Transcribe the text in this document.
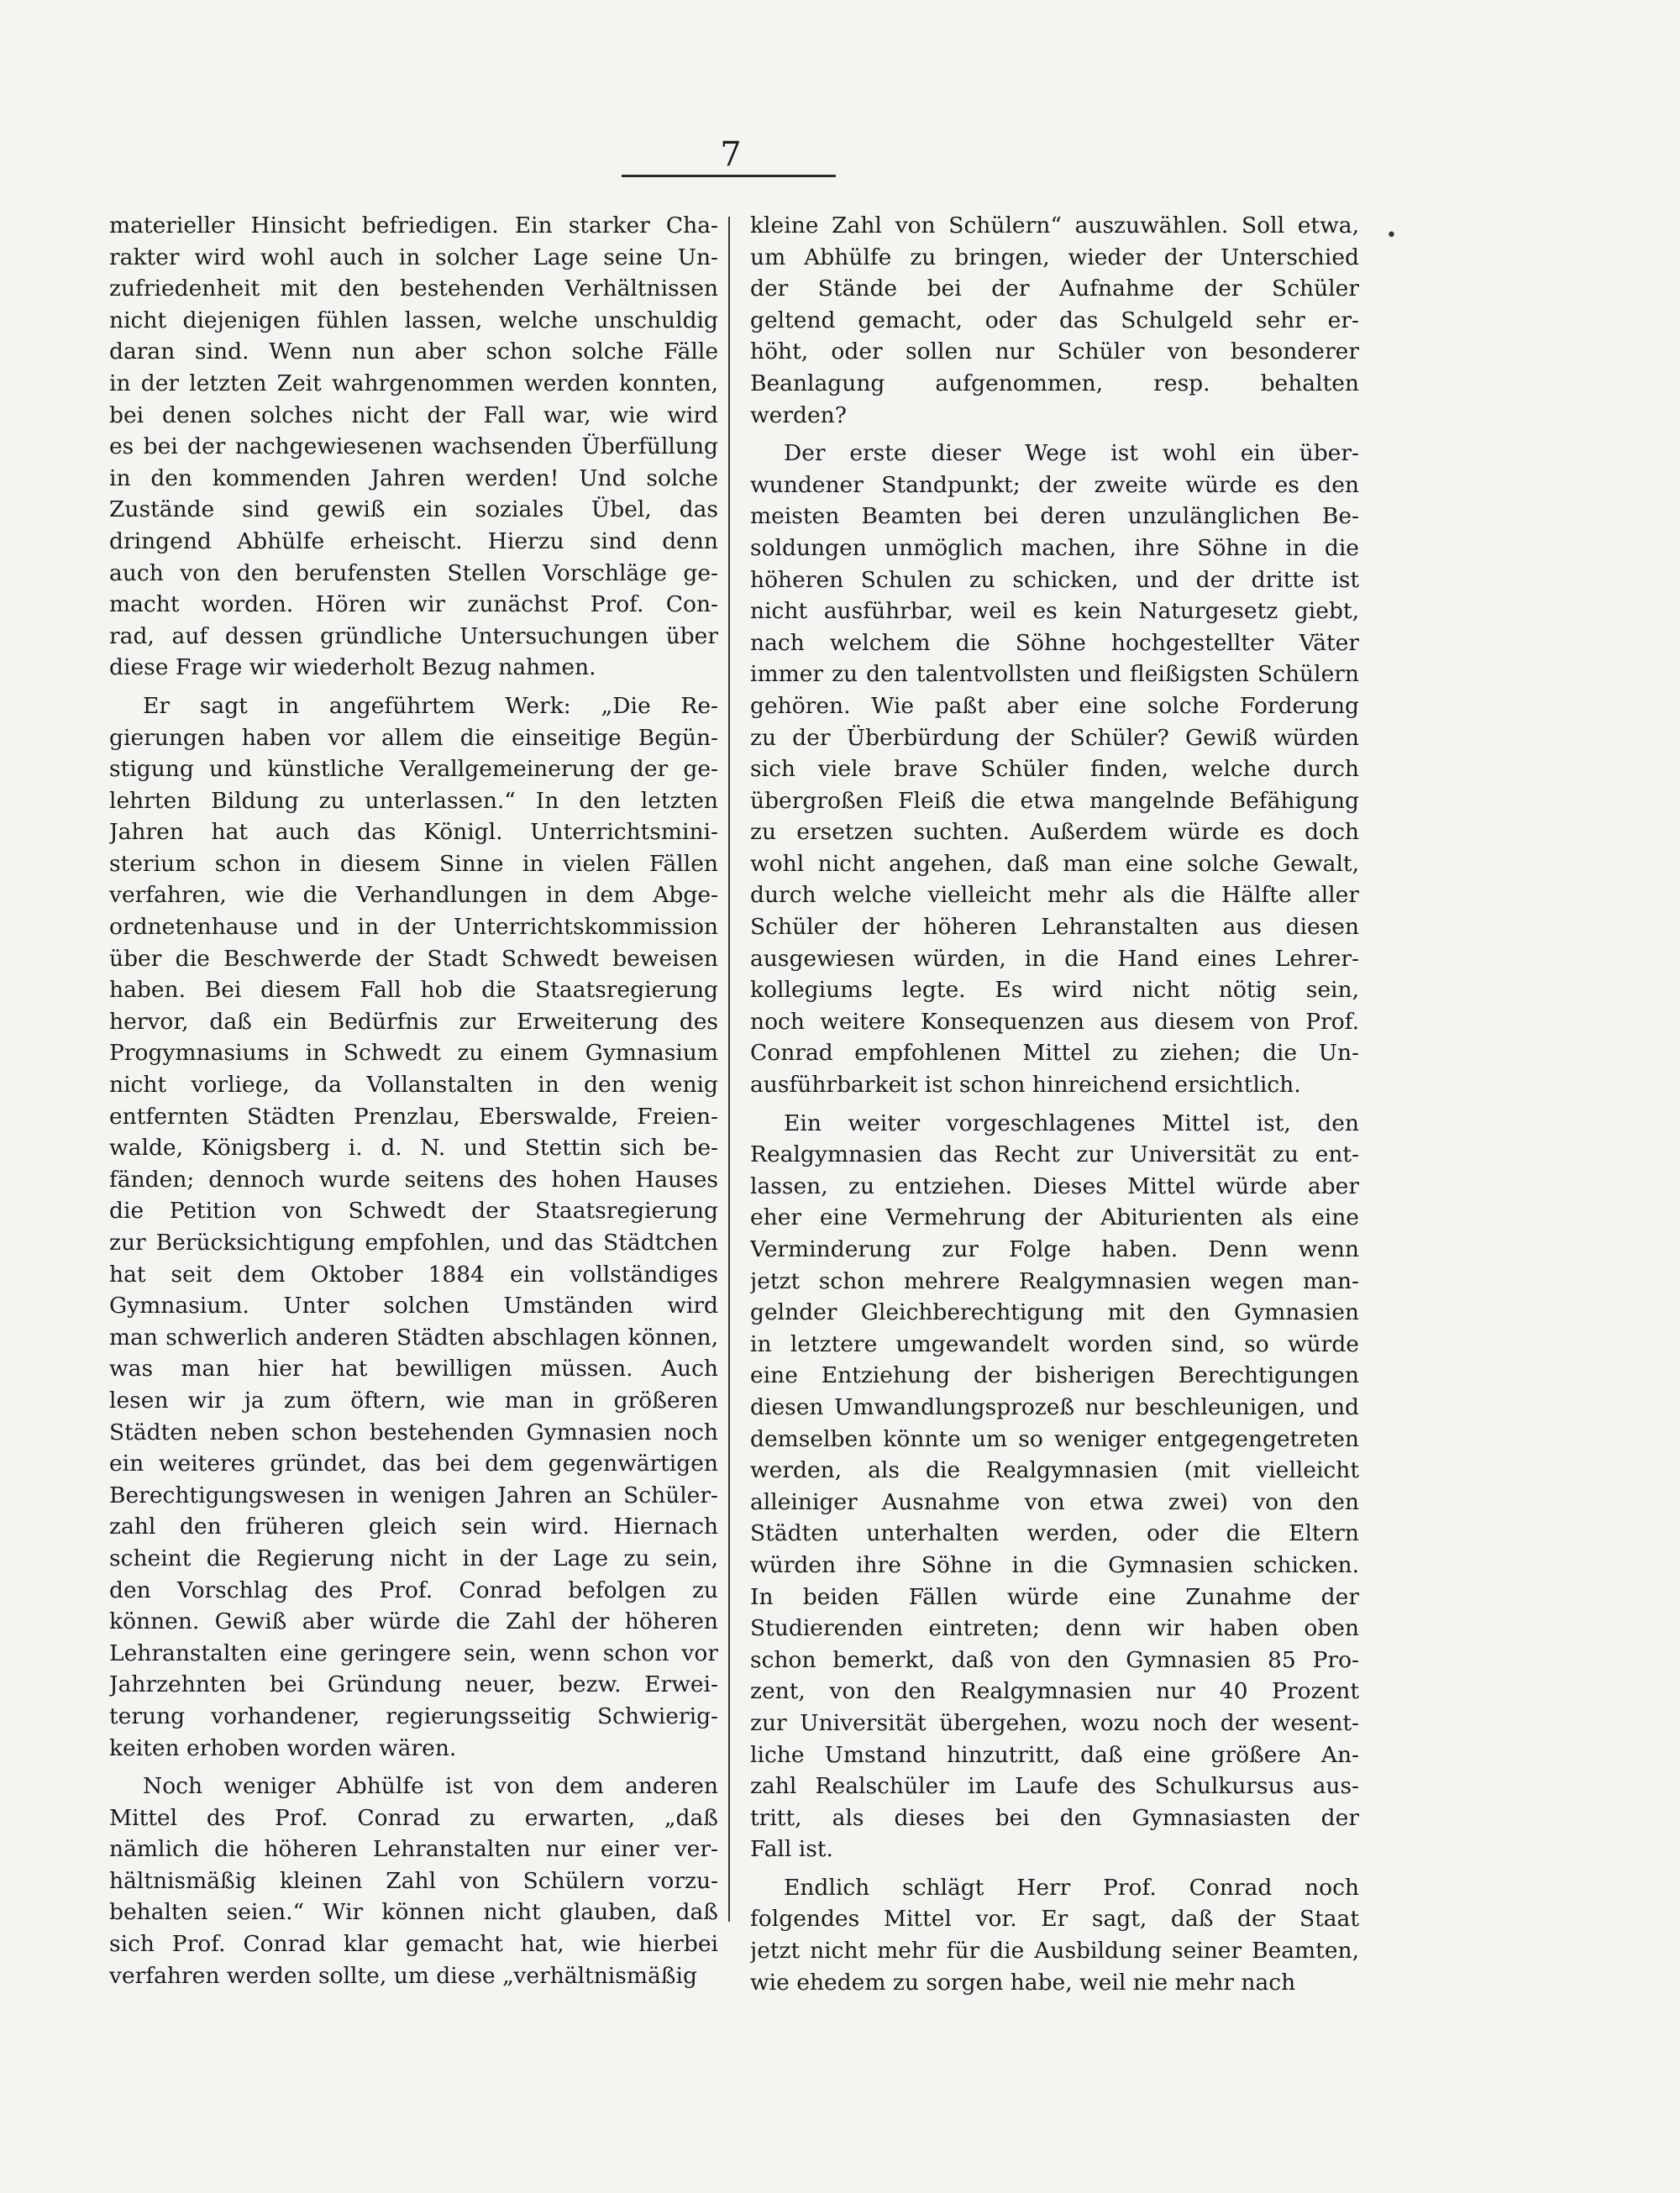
7
materieller Hinsicht befriedigen. Ein starker Cha-
rakter wird wohl auch in solcher Lage seine Un-
zufriedenheit mit den bestehenden Verhältnissen
nicht diejenigen fühlen lassen, welche unschuldig
daran sind. Wenn nun aber schon solche Fälle
in der letzten Zeit wahrgenommen werden konnten,
bei denen solches nicht der Fall war, wie wird
es bei der nachgewiesenen wachsenden Überfüllung
in den kommenden Jahren werden! Und solche
Zustände sind gewiß ein soziales Übel, das
dringend Abhülfe erheischt. Hierzu sind denn
auch von den berufensten Stellen Vorschläge ge-
macht worden. Hören wir zunächst Prof. Con-
rad, auf dessen gründliche Untersuchungen über
diese Frage wir wiederholt Bezug nahmen.
Er sagt in angeführtem Werk: „Die Re-
gierungen haben vor allem die einseitige Begün-
stigung und künstliche Verallgemeinerung der ge-
lehrten Bildung zu unterlassen.“ In den letzten
Jahren hat auch das Königl. Unterrichtsmini-
sterium schon in diesem Sinne in vielen Fällen
verfahren, wie die Verhandlungen in dem Abge-
ordnetenhause und in der Unterrichtskommission
über die Beschwerde der Stadt Schwedt beweisen
haben. Bei diesem Fall hob die Staatsregierung
hervor, daß ein Bedürfnis zur Erweiterung des
Progymnasiums in Schwedt zu einem Gymnasium
nicht vorliege, da Vollanstalten in den wenig
entfernten Städten Prenzlau, Eberswalde, Freien-
walde, Königsberg i. d. N. und Stettin sich be-
fänden; dennoch wurde seitens des hohen Hauses
die Petition von Schwedt der Staatsregierung
zur Berücksichtigung empfohlen, und das Städtchen
hat seit dem Oktober 1884 ein vollständiges
Gymnasium. Unter solchen Umständen wird
man schwerlich anderen Städten abschlagen können,
was man hier hat bewilligen müssen. Auch
lesen wir ja zum öftern, wie man in größeren
Städten neben schon bestehenden Gymnasien noch
ein weiteres gründet, das bei dem gegenwärtigen
Berechtigungswesen in wenigen Jahren an Schüler-
zahl den früheren gleich sein wird. Hiernach
scheint die Regierung nicht in der Lage zu sein,
den Vorschlag des Prof. Conrad befolgen zu
können. Gewiß aber würde die Zahl der höheren
Lehranstalten eine geringere sein, wenn schon vor
Jahrzehnten bei Gründung neuer, bezw. Erwei-
terung vorhandener, regierungsseitig Schwierig-
keiten erhoben worden wären.
Noch weniger Abhülfe ist von dem anderen
Mittel des Prof. Conrad zu erwarten, „daß
nämlich die höheren Lehranstalten nur einer ver-
hältnismäßig kleinen Zahl von Schülern vorzu-
behalten seien.“ Wir können nicht glauben, daß
sich Prof. Conrad klar gemacht hat, wie hierbei
verfahren werden sollte, um diese „verhältnismäßig
kleine Zahl von Schülern“ auszuwählen. Soll etwa,
um Abhülfe zu bringen, wieder der Unterschied
der Stände bei der Aufnahme der Schüler
geltend gemacht, oder das Schulgeld sehr er-
höht, oder sollen nur Schüler von besonderer
Beanlagung aufgenommen, resp. behalten
werden?
Der erste dieser Wege ist wohl ein über-
wundener Standpunkt; der zweite würde es den
meisten Beamten bei deren unzulänglichen Be-
soldungen unmöglich machen, ihre Söhne in die
höheren Schulen zu schicken, und der dritte ist
nicht ausführbar, weil es kein Naturgesetz giebt,
nach welchem die Söhne hochgestellter Väter
immer zu den talentvollsten und fleißigsten Schülern
gehören. Wie paßt aber eine solche Forderung
zu der Überbürdung der Schüler? Gewiß würden
sich viele brave Schüler finden, welche durch
übergroßen Fleiß die etwa mangelnde Befähigung
zu ersetzen suchten. Außerdem würde es doch
wohl nicht angehen, daß man eine solche Gewalt,
durch welche vielleicht mehr als die Hälfte aller
Schüler der höheren Lehranstalten aus diesen
ausgewiesen würden, in die Hand eines Lehrer-
kollegiums legte. Es wird nicht nötig sein,
noch weitere Konsequenzen aus diesem von Prof.
Conrad empfohlenen Mittel zu ziehen; die Un-
ausführbarkeit ist schon hinreichend ersichtlich.
Ein weiter vorgeschlagenes Mittel ist, den
Realgymnasien das Recht zur Universität zu ent-
lassen, zu entziehen. Dieses Mittel würde aber
eher eine Vermehrung der Abiturienten als eine
Verminderung zur Folge haben. Denn wenn
jetzt schon mehrere Realgymnasien wegen man-
gelnder Gleichberechtigung mit den Gymnasien
in letztere umgewandelt worden sind, so würde
eine Entziehung der bisherigen Berechtigungen
diesen Umwandlungsprozeß nur beschleunigen, und
demselben könnte um so weniger entgegengetreten
werden, als die Realgymnasien (mit vielleicht
alleiniger Ausnahme von etwa zwei) von den
Städten unterhalten werden, oder die Eltern
würden ihre Söhne in die Gymnasien schicken.
In beiden Fällen würde eine Zunahme der
Studierenden eintreten; denn wir haben oben
schon bemerkt, daß von den Gymnasien 85 Pro-
zent, von den Realgymnasien nur 40 Prozent
zur Universität übergehen, wozu noch der wesent-
liche Umstand hinzutritt, daß eine größere An-
zahl Realschüler im Laufe des Schulkursus aus-
tritt, als dieses bei den Gymnasiasten der
Fall ist.
Endlich schlägt Herr Prof. Conrad noch
folgendes Mittel vor. Er sagt, daß der Staat
jetzt nicht mehr für die Ausbildung seiner Beamten,
wie ehedem zu sorgen habe, weil nie mehr nach
•
